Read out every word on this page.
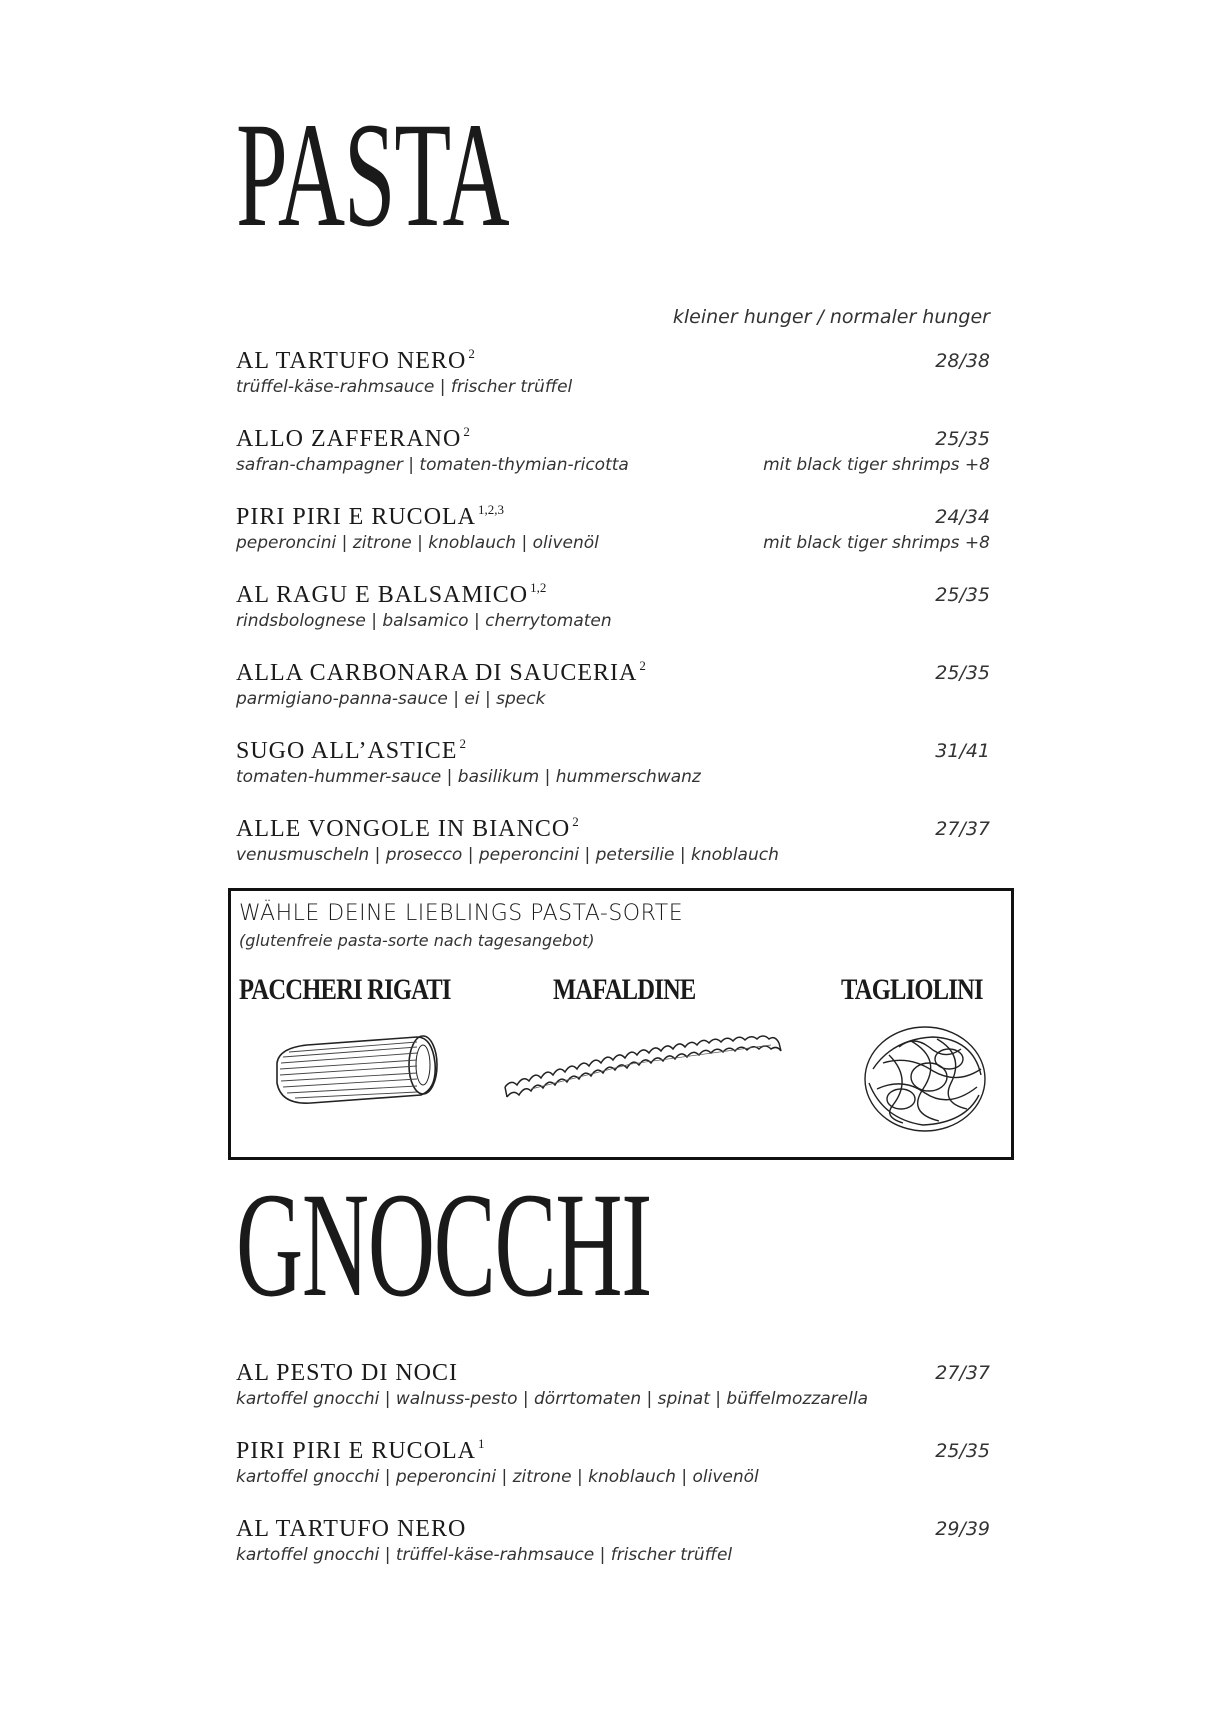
PASTA
kleiner hunger / normaler hunger
AL TARTUFO NERO $^2$	28/38
trüffel-käse-rahmsauce | frischer trüffel
ALLO ZAFFERANO $^2$	25/35
safran-champagner | tomaten-thymian-ricotta	mit black tiger shrimps +8
PIRI PIRI E RUCOLA $^{1,2,3}$	24/34
peperoncini | zitrone | knoblauch | olivenöl	mit black tiger shrimps +8
AL RAGU E BALSAMICO $^{1,2}$	25/35
rindsbolognese | balsamico | cherrytomaten
ALLA CARBONARA DI SAUCERIA $^2$	25/35
parmigiano-panna-sauce | ei | speck
SUGO ALL’ASTICE $^2$	31/41
tomaten-hummer-sauce | basilikum | hummerschwanz
ALLE VONGOLE IN BIANCO $^2$	27/37
venusmuscheln | prosecco | peperoncini | petersilie | knoblauch
WÄHLE DEINE LIEBLINGS PASTA-SORTE
(glutenfreie pasta-sorte nach tagesangebot)
PACCHERI RIGATI	MAFALDINE	TAGLIOLINI
GNOCCHI
AL PESTO DI NOCI	27/37
kartoffel gnocchi | walnuss-pesto | dörrtomaten | spinat | büffelmozzarella
PIRI PIRI E RUCOLA $^1$	25/35
kartoffel gnocchi | peperoncini | zitrone | knoblauch | olivenöl
AL TARTUFO NERO	29/39
kartoffel gnocchi | trüffel-käse-rahmsauce | frischer trüffel
